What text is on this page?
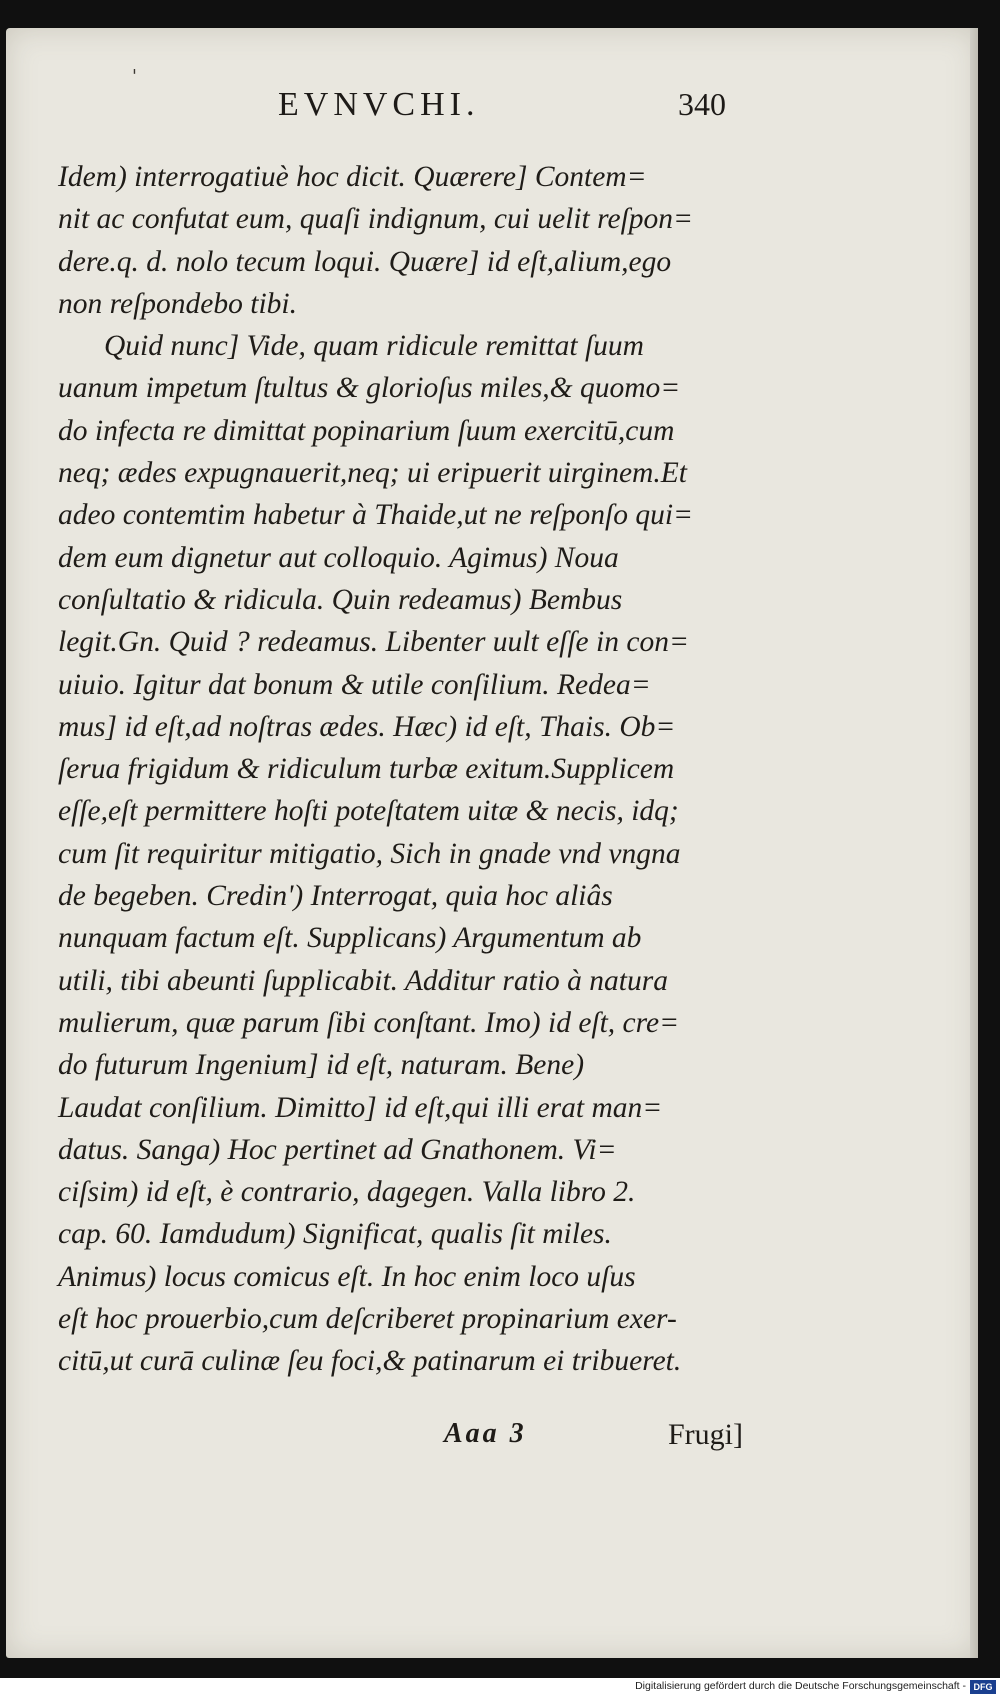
EVNVCHI.	340
'
Idem) interrogatiuè hoc dicit. Quærere] Contem=
nit ac confutat eum, quaſi indignum, cui uelit reſpon=
dere.q. d. nolo tecum loqui. Quære] id eſt,alium,ego
non reſpondebo tibi.
Quid nunc] Vide, quam ridicule remittat ſuum
uanum impetum ſtultus & glorioſus miles,& quomo=
do infecta re dimittat popinarium ſuum exercitū,cum
neq; ædes expugnauerit,neq; ui eripuerit uirginem.Et
adeo contemtim habetur à Thaide,ut ne reſponſo qui=
dem eum dignetur aut colloquio. Agimus) Noua
conſultatio & ridicula. Quin redeamus) Bembus
legit.Gn. Quid ? redeamus. Libenter uult eſſe in con=
uiuio. Igitur dat bonum & utile conſilium. Redea=
mus] id eſt,ad noſtras ædes. Hæc) id eſt, Thais. Ob=
ſerua frigidum & ridiculum turbæ exitum.Supplicem
eſſe,eſt permittere hoſti poteſtatem uitæ & necis, idq;
cum ſit requiritur mitigatio, Sich in gnade vnd vngna
de begeben. Credin') Interrogat, quia hoc aliâs
nunquam factum eſt. Supplicans) Argumentum ab
utili, tibi abeunti ſupplicabit. Additur ratio à natura
mulierum, quæ parum ſibi conſtant. Imo) id eſt, cre=
do futurum Ingenium] id eſt, naturam. Bene)
Laudat conſilium. Dimitto] id eſt,qui illi erat man=
datus. Sanga) Hoc pertinet ad Gnathonem. Vi=
ciſsim) id eſt, è contrario, dagegen. Valla libro 2.
cap. 60. Iamdudum) Significat, qualis ſit miles.
Animus) locus comicus eſt. In hoc enim loco uſus
eſt hoc prouerbio,cum deſcriberet propinarium exer-
citū,ut curā culinæ ſeu foci,& patinarum ei tribueret.
Aaa 3	Frugi]
Digitalisierung gefördert durch die Deutsche Forschungsgemeinschaft - DFG
